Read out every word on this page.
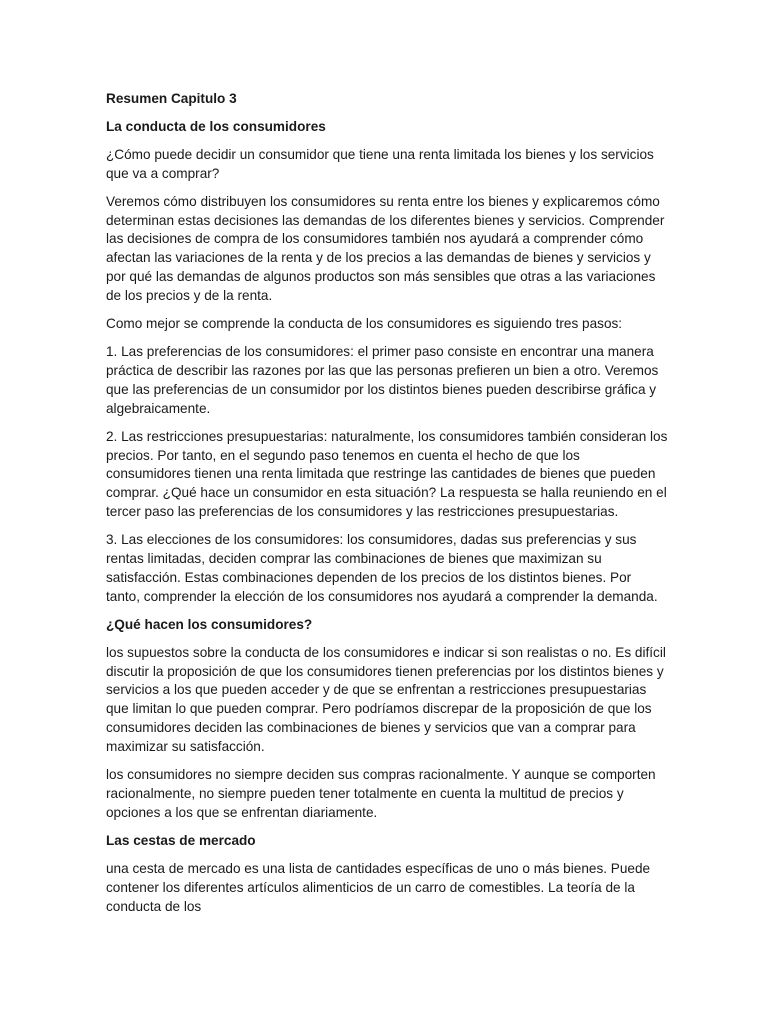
Resumen Capitulo 3

La conducta de los consumidores

¿Cómo puede decidir un consumidor que tiene una renta limitada los bienes y los servicios que va a comprar?

Veremos cómo distribuyen los consumidores su renta entre los bienes y explicaremos cómo determinan estas decisiones las demandas de los diferentes bienes y servicios. Comprender las decisiones de compra de los consumidores también nos ayudará a comprender cómo afectan las variaciones de la renta y de los precios a las demandas de bienes y servicios y por qué las demandas de algunos productos son más sensibles que otras a las variaciones de los precios y de la renta.

Como mejor se comprende la conducta de los consumidores es siguiendo tres pasos:

1. Las preferencias de los consumidores: el primer paso consiste en encontrar una manera práctica de describir las razones por las que las personas prefieren un bien a otro. Veremos que las preferencias de un consumidor por los distintos bienes pueden describirse gráfica y algebraicamente.

2. Las restricciones presupuestarias: naturalmente, los consumidores también consideran los precios. Por tanto, en el segundo paso tenemos en cuenta el hecho de que los consumidores tienen una renta limitada que restringe las cantidades de bienes que pueden comprar. ¿Qué hace un consumidor en esta situación? La respuesta se halla reuniendo en el tercer paso las preferencias de los consumidores y las restricciones presupuestarias.

3. Las elecciones de los consumidores: los consumidores, dadas sus preferencias y sus rentas limitadas, deciden comprar las combinaciones de bienes que maximizan su satisfacción. Estas combinaciones dependen de los precios de los distintos bienes. Por tanto, comprender la elección de los consumidores nos ayudará a comprender la demanda.

¿Qué hacen los consumidores?

los supuestos sobre la conducta de los consumidores e indicar si son realistas o no. Es difícil discutir la proposición de que los consumidores tienen preferencias por los distintos bienes y servicios a los que pueden acceder y de que se enfrentan a restricciones presupuestarias que limitan lo que pueden comprar. Pero podríamos discrepar de la proposición de que los consumidores deciden las combinaciones de bienes y servicios que van a comprar para maximizar su satisfacción.

los consumidores no siempre deciden sus compras racionalmente. Y aunque se comporten racionalmente, no siempre pueden tener totalmente en cuenta la multitud de precios y opciones a los que se enfrentan diariamente.

Las cestas de mercado

una cesta de mercado es una lista de cantidades específicas de uno o más bienes. Puede contener los diferentes artículos alimenticios de un carro de comestibles. La teoría de la conducta de los
